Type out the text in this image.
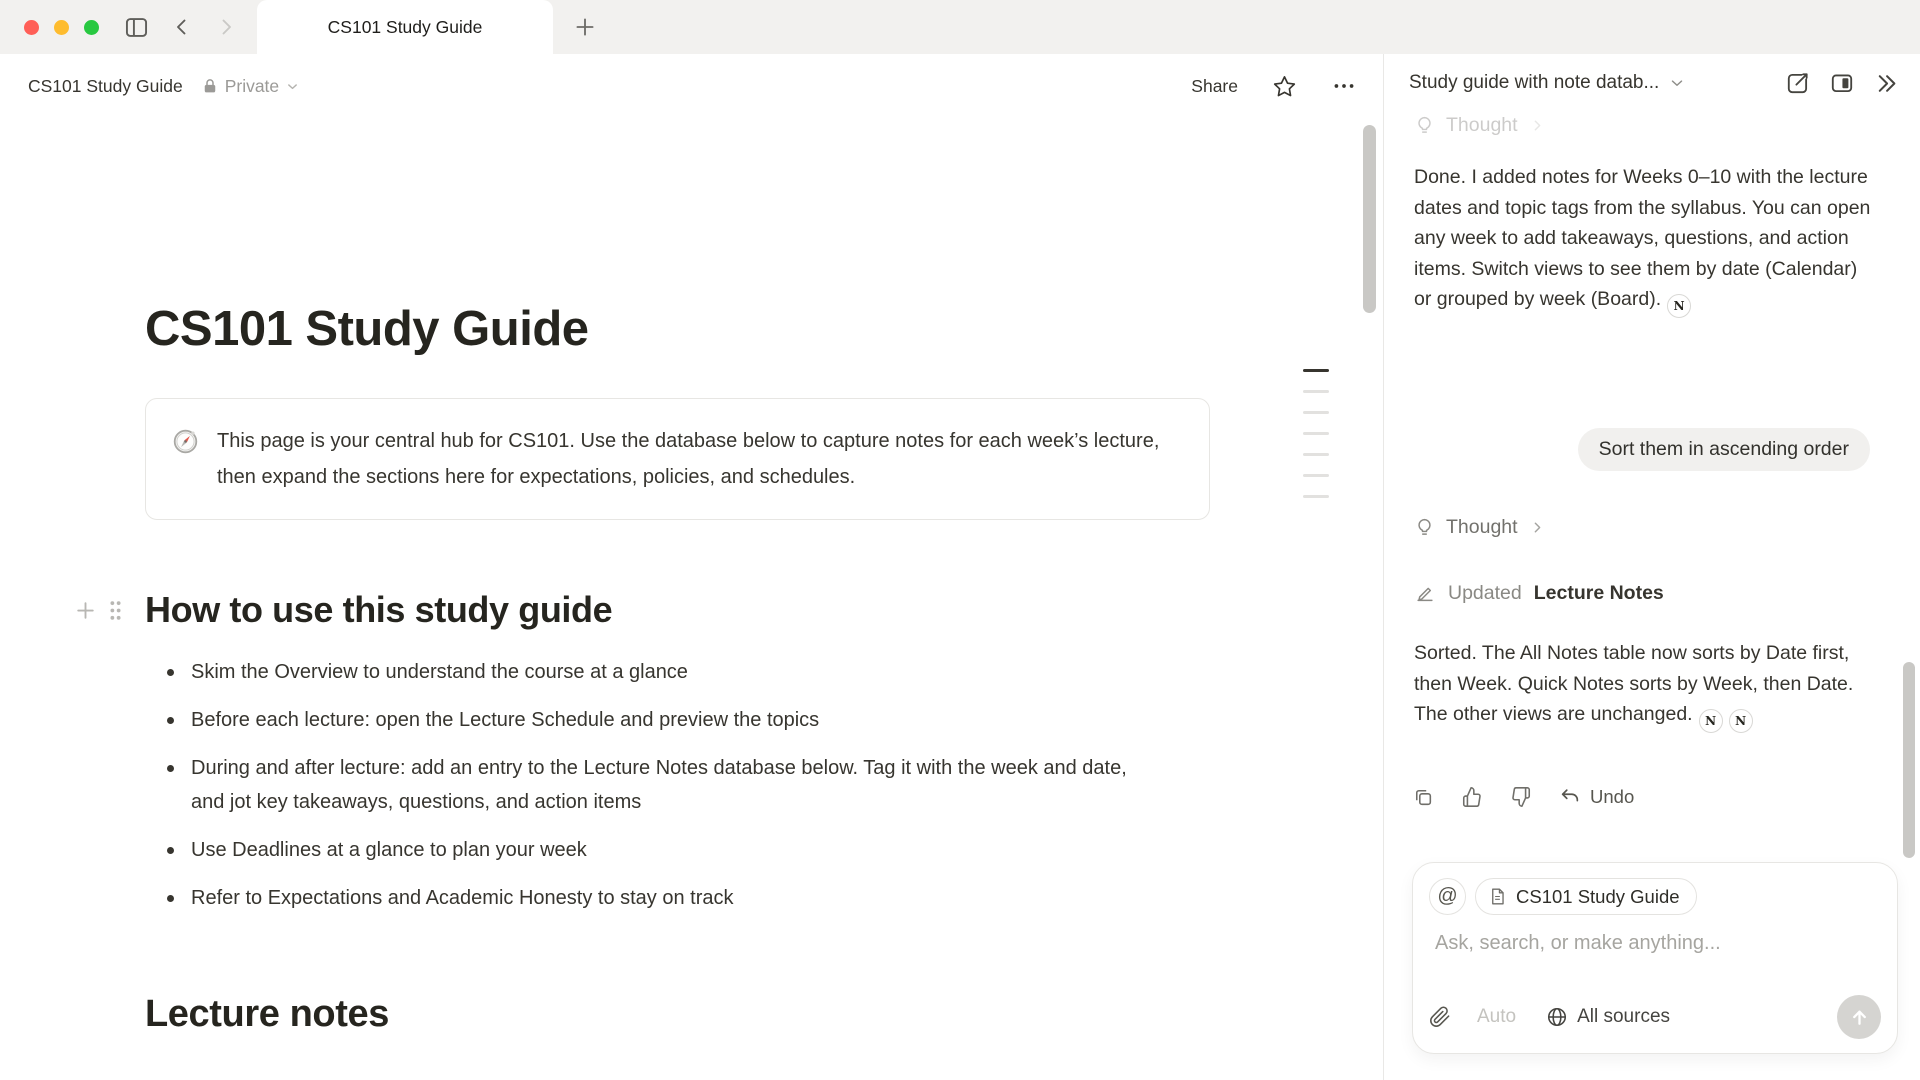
CS101 Study Guide
CS101 Study Guide Private	Share
CS101 Study Guide
This page is your central hub for CS101. Use the database below to capture notes for each week’s lecture, then expand the sections here for expectations, policies, and schedules.
How to use this study guide
Skim the Overview to understand the course at a glance
Before each lecture: open the Lecture Schedule and preview the topics
During and after lecture: add an entry to the Lecture Notes database below. Tag it with the week and date, and jot key takeaways, questions, and action items
Use Deadlines at a glance to plan your week
Refer to Expectations and Academic Honesty to stay on track
Lecture notes
Study guide with note datab...
Thought
Done. I added notes for Weeks 0–10 with the lecture dates and topic tags from the syllabus. You can open any week to add takeaways, questions, and action items. Switch views to see them by date (Calendar) or grouped by week (Board). N
Sort them in ascending order
Thought
Updated Lecture Notes
Sorted. The All Notes table now sorts by Date first, then Week. Quick Notes sorts by Week, then Date. The other views are unchanged. N N
Undo
@	CS101 Study Guide
Ask, search, or make anything...
Auto	All sources
